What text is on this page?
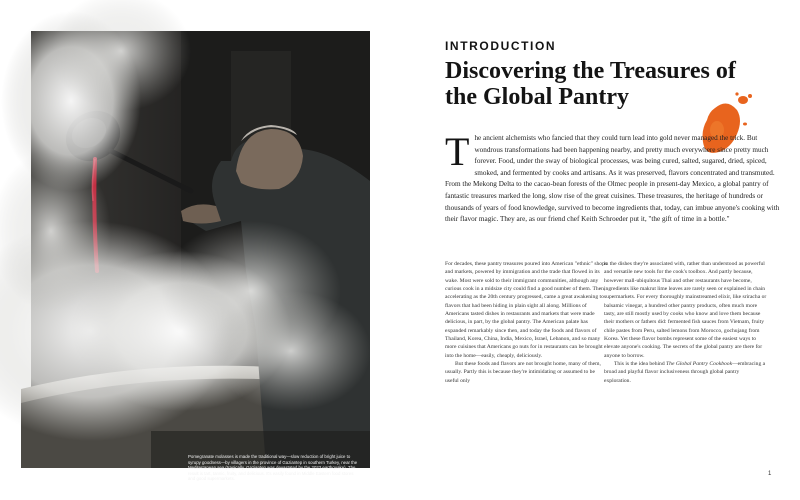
Pomegranate molasses is made the traditional way—slow reduction of bright juice to syrupy goodness—by villagers in the province of Gaziantep in southern Turkey, near the Mediterranean sea (tragically, Gaziantep was devastated by the 2023 earthquake). The result is tart, tannic, fruity, and delicious. It's easily found in Middle Eastern food stores and good supermarkets.

INTRODUCTION
Discovering the Treasures of the Global Pantry

T he ancient alchemists who fancied that they could turn lead into gold never managed the trick. But wondrous transformations had been happening nearby, and pretty much everywhere since pretty much forever. Food, under the sway of biological processes, was being cured, salted, sugared, dried, spiced, smoked, and fermented by cooks and artisans. As it was preserved, flavors concentrated and transmuted. From the Mekong Delta to the cacao-bean forests of the Olmec people in present-day Mexico, a global pantry of fantastic treasures marked the long, slow rise of the great cuisines. These treasures, the heritage of hundreds or thousands of years of food knowledge, survived to become ingredients that, today, can imbue anyone's cooking with their flavor magic. They are, as our friend chef Keith Schroeder put it, "the gift of time in a bottle."

For decades, these pantry treasures poured into American "ethnic" shops and markets, powered by immigration and the trade that flowed in its wake. Most were sold to their immigrant communities, although any curious cook in a midsize city could find a good number of them. Then, accelerating as the 20th century progressed, came a great awakening to flavors that had been hiding in plain sight all along. Millions of Americans tasted dishes in restaurants and markets that were made delicious, in part, by the global pantry. The American palate has expanded remarkably since then, and today the foods and flavors of Thailand, Korea, China, India, Mexico, Israel, Lebanon, and so many more cuisines that Americans go nuts for in restaurants can be brought into the home—easily, cheaply, deliciously.

But these foods and flavors are not brought home, many of them, usually. Partly this is because they're intimidating or assumed to be useful only

in the dishes they're associated with, rather than understood as powerful and versatile new tools for the cook's toolbox. And partly because, however mall-ubiquitous Thai and other restaurants have become, ingredients like makrut lime leaves are rarely seen or explained in chain supermarkets. For every thoroughly mainstreamed elixir, like sriracha or balsamic vinegar, a hundred other pantry products, often much more tasty, are still mostly used by cooks who know and love them because their mothers or fathers did: fermented fish sauces from Vietnam, fruity chile pastes from Peru, salted lemons from Morocco, gochujang from Korea. Yet these flavor bombs represent some of the easiest ways to elevate anyone's cooking. The secrets of the global pantry are there for anyone to borrow.

This is the idea behind The Global Pantry Cookbook—embracing a broad and playful flavor inclusiveness through global pantry exploration.

1
